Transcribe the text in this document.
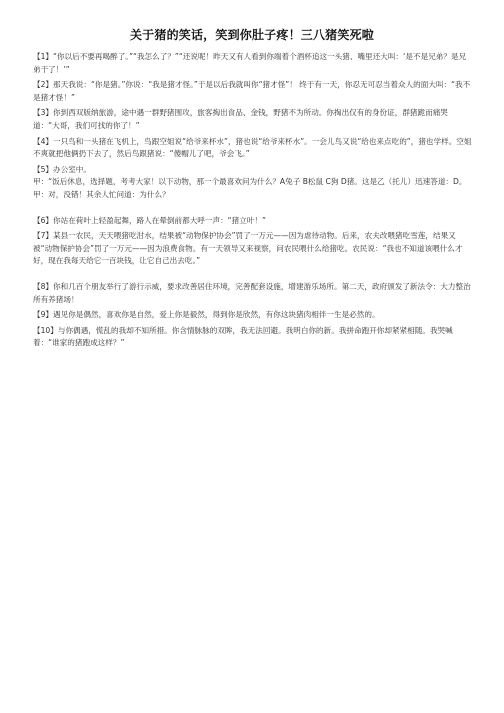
关于猪的笑话，笑到你肚子疼！三八猪笑死啦

【1】“你以后不要再喝醉了。”“我怎么了？”“还说呢！昨天又有人看到你端着个酒杯追这一头猪、嘴里还大叫：‘是不是兄弟？是兄弟干了！’”

【2】那天我说：“你是猪。”你说：“我是猪才怪。”于是以后我就叫你“猪才怪”！ 终于有一天，你忍无可忍当着众人的面大叫：“我不是猪才怪！”

【3】你到西双版纳旅游，途中遇一群野猪围攻，旅客掏出食品、金钱，野猪不为所动。你掏出仅有的身份证，群猪跪而痛哭道：“大哥，我们可找的你了！”

【4】一只鸟和一头猪在飞机上，鸟跟空姐说“给爷来杯水”，猪也说“给爷来杯水”。一会儿鸟又说“给也来点吃的”，猪也学样。空姐不爽就把他俩扔下去了，然后鸟跟猪说：“傻帽儿了吧，爷会飞。”

【5】办公室中。
甲：“饭后休息，选择题，考考大家！以下动物，那一个最喜欢问为什么？A兔子 B松鼠 C狗 D猪。这是乙（托儿）迅速答道：D。甲：对，没错！其余人忙问道：为什么？

【6】你站在荷叶上轻盈起舞，路人在晕倒前都大呼一声：“猪立叶！”

【7】某县一农民，天天喂猪吃泔水，结果被“动物保护协会”罚了一万元——因为虐待动物。后来，农夫改喂猪吃雪莲，结果又被“动物保护协会”罚了一万元——因为浪费食物。有一天领导又来视察，问农民喂什么给猪吃。农民说：“我也不知道该喂什么才好，现在我每天给它一百块钱，让它自己出去吃。”

【8】你和几百个朋友举行了游行示威，要求改善居住环境，完善配套设施，增建游乐场所。第二天，政府颁发了新法令：大力整治所有养猪场！

【9】遇见你是偶然，喜欢你是自然，爱上你是毅然，得到你是欣然，有你这块猪肉相伴一生是必然的。

【10】与你偶遇，慌乱的我却不知所措。你含情脉脉的双眸，我无法回避。我明白你的新。我拼命跑开你却紧紧相随。我哭喊着：“谁家的猪跑成这样？”
